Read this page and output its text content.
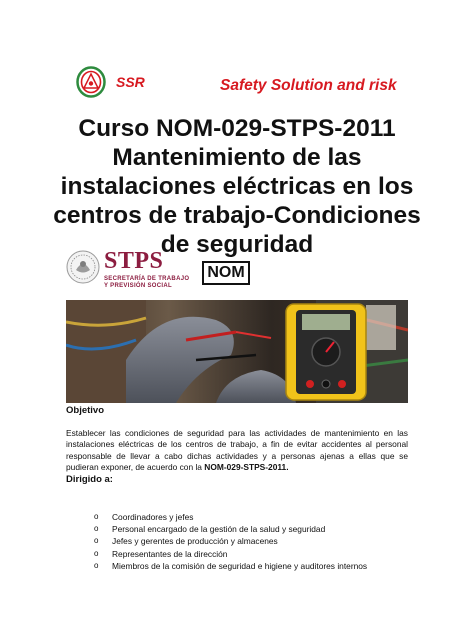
SSR	Safety Solution and risk
Curso NOM-029-STPS-2011
Mantenimiento de las
instalaciones eléctricas en los
centros de trabajo-Condiciones
de seguridad
STPS
SECRETARÍA DE TRABAJO
Y PREVISIÓN SOCIAL
NOM
Objetivo
Establecer las condiciones de seguridad para las actividades de mantenimiento en las instalaciones eléctricas de los centros de trabajo, a fin de evitar accidentes al personal responsable de llevar a cabo dichas actividades y a personas ajenas a ellas que se pudieran exponer, de acuerdo con la NOM-029-STPS-2011.
Dirigido a:
o Coordinadores y jefes
o Personal encargado de la gestión de la salud y seguridad
o Jefes y gerentes de producción y almacenes
o Representantes de la dirección
o Miembros de la comisión de seguridad e higiene y auditores internos
